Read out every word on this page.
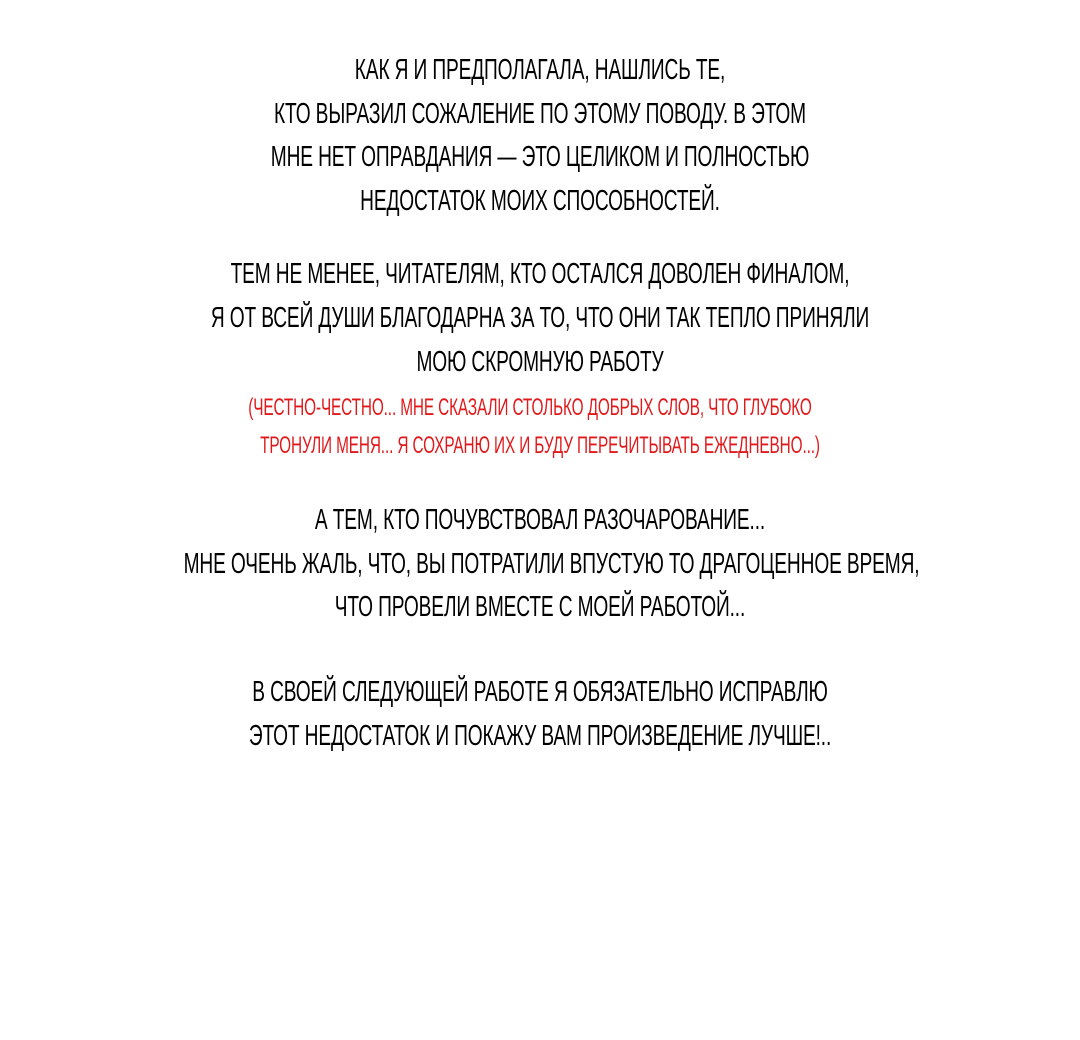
КАК Я И ПРЕДПОЛАГАЛА, НАШЛИСЬ ТЕ,
КТО ВЫРАЗИЛ СОЖАЛЕНИЕ ПО ЭТОМУ ПОВОДУ. В ЭТОМ
МНЕ НЕТ ОПРАВДАНИЯ — ЭТО ЦЕЛИКОМ И ПОЛНОСТЬЮ
НЕДОСТАТОК МОИХ СПОСОБНОСТЕЙ.
ТЕМ НЕ МЕНЕЕ, ЧИТАТЕЛЯМ, КТО ОСТАЛСЯ ДОВОЛЕН ФИНАЛОМ,
Я ОТ ВСЕЙ ДУШИ БЛАГОДАРНА ЗА ТО, ЧТО ОНИ ТАК ТЕПЛО ПРИНЯЛИ
МОЮ СКРОМНУЮ РАБОТУ
(ЧЕСТНО-ЧЕСТНО... МНЕ СКАЗАЛИ СТОЛЬКО ДОБРЫХ СЛОВ, ЧТО ГЛУБОКО
ТРОНУЛИ МЕНЯ... Я СОХРАНЮ ИХ И БУДУ ПЕРЕЧИТЫВАТЬ ЕЖЕДНЕВНО...)
А ТЕМ, КТО ПОЧУВСТВОВАЛ РАЗОЧАРОВАНИЕ...
МНЕ ОЧЕНЬ ЖАЛЬ, ЧТО, ВЫ ПОТРАТИЛИ ВПУСТУЮ ТО ДРАГОЦЕННОЕ ВРЕМЯ,
ЧТО ПРОВЕЛИ ВМЕСТЕ С МОЕЙ РАБОТОЙ...
В СВОЕЙ СЛЕДУЮЩЕЙ РАБОТЕ Я ОБЯЗАТЕЛЬНО ИСПРАВЛЮ
ЭТОТ НЕДОСТАТОК И ПОКАЖУ ВАМ ПРОИЗВЕДЕНИЕ ЛУЧШЕ!..
